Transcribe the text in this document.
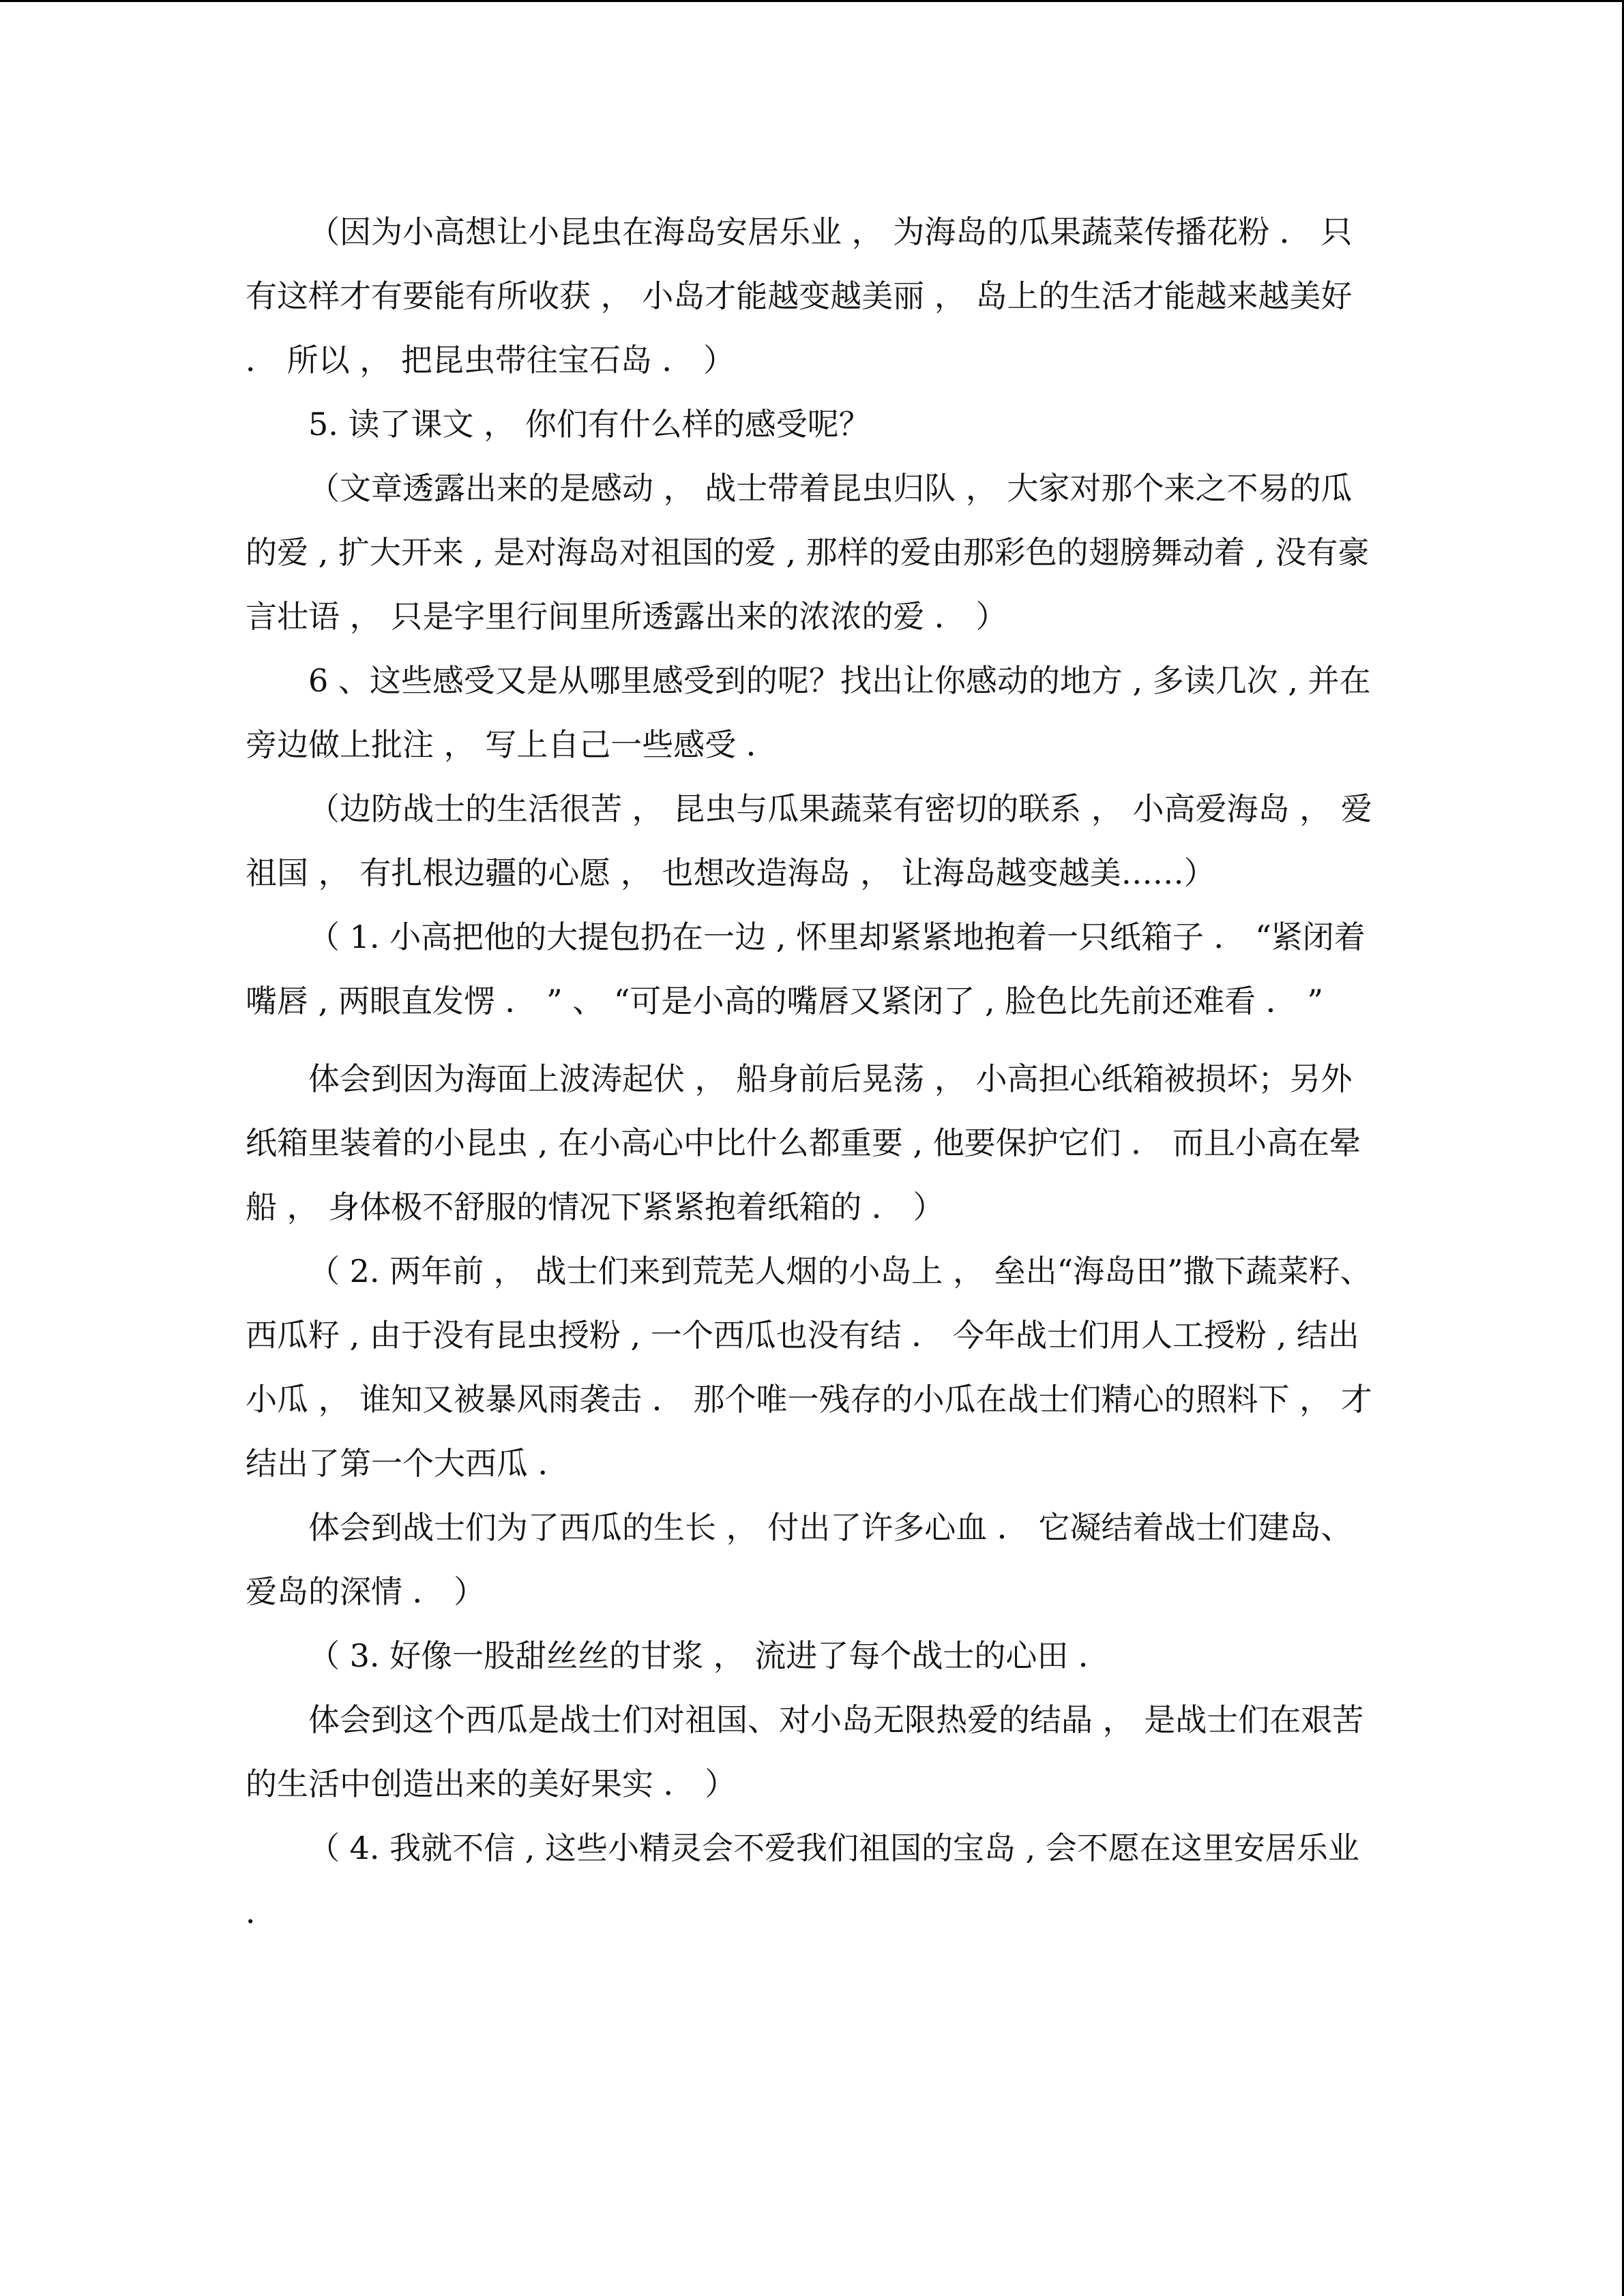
（因为小高想让小昆虫在海岛安居乐业 ， 为海岛的瓜果蔬菜传播花粉 ． 只有这样才有要能有所收获 ， 小岛才能越变越美丽 ， 岛上的生活才能越来越美好 ． 所以 ， 把昆虫带往宝石岛 ． ）

5. 读了课文 ， 你们有什么样的感受呢？

（文章透露出来的是感动 ， 战士带着昆虫归队 ， 大家对那个来之不易的瓜的爱 , 扩大开来 , 是对海岛对祖国的爱 , 那样的爱由那彩色的翅膀舞动着 , 没有豪言壮语 ， 只是字里行间里所透露出来的浓浓的爱 ． ）

6 、这些感受又是从哪里感受到的呢？找出让你感动的地方 , 多读几次 , 并在旁边做上批注 ， 写上自己一些感受 ．

（边防战士的生活很苦 ， 昆虫与瓜果蔬菜有密切的联系 ， 小高爱海岛 ， 爱祖国 ， 有扎根边疆的心愿 ， 也想改造海岛 ， 让海岛越变越美……）

（ 1. 小高把他的大提包扔在一边 , 怀里却紧紧地抱着一只纸箱子 ． “紧闭着嘴唇 , 两眼直发愣 ． ” 、 “可是小高的嘴唇又紧闭了 , 脸色比先前还难看 ． ”

体会到因为海面上波涛起伏 ， 船身前后晃荡 ， 小高担心纸箱被损坏；另外纸箱里装着的小昆虫 , 在小高心中比什么都重要 , 他要保护它们 ． 而且小高在晕船 ， 身体极不舒服的情况下紧紧抱着纸箱的 ． ）

（ 2. 两年前 ， 战士们来到荒芜人烟的小岛上 ， 垒出“海岛田”撒下蔬菜籽、西瓜籽 , 由于没有昆虫授粉 , 一个西瓜也没有结 ． 今年战士们用人工授粉 , 结出小瓜 ， 谁知又被暴风雨袭击 ． 那个唯一残存的小瓜在战士们精心的照料下 ， 才结出了第一个大西瓜 ．

体会到战士们为了西瓜的生长 ， 付出了许多心血 ． 它凝结着战士们建岛、爱岛的深情 ． ）

（ 3. 好像一股甜丝丝的甘浆 ， 流进了每个战士的心田 ．

体会到这个西瓜是战士们对祖国、对小岛无限热爱的结晶 ， 是战士们在艰苦的生活中创造出来的美好果实 ． ）

（ 4. 我就不信 , 这些小精灵会不爱我们祖国的宝岛 , 会不愿在这里安居乐业 ．
